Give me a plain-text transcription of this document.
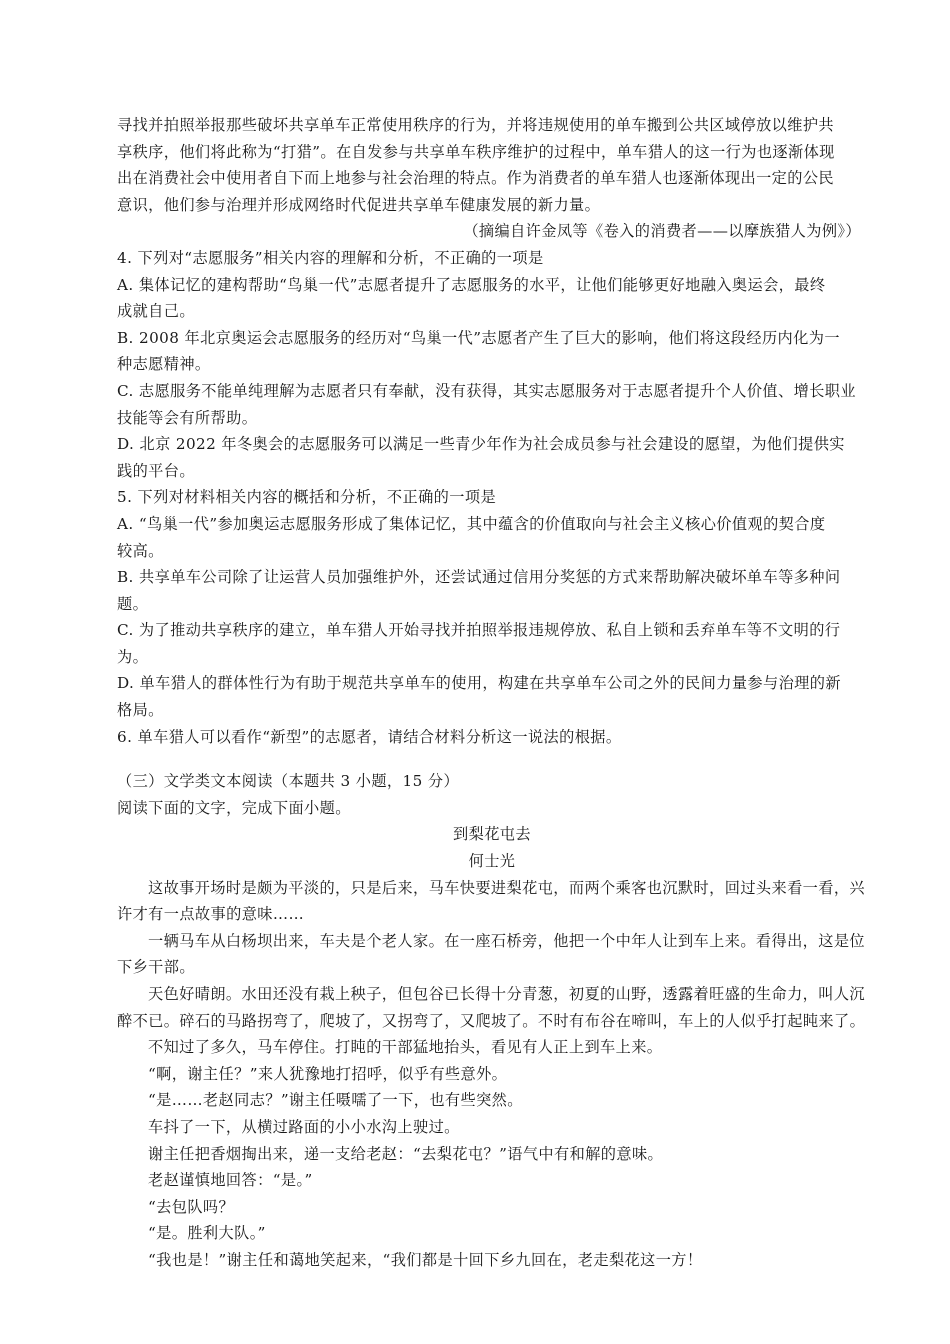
寻找并拍照举报那些破坏共享单车正常使用秩序的行为，并将违规使用的单车搬到公共区域停放以维护共

享秩序，他们将此称为“打猎”。在自发参与共享单车秩序维护的过程中，单车猎人的这一行为也逐渐体现

出在消费社会中使用者自下而上地参与社会治理的特点。作为消费者的单车猎人也逐渐体现出一定的公民

意识，他们参与治理并形成网络时代促进共享单车健康发展的新力量。

（摘编自许金凤等《卷入的消费者——以摩族猎人为例》）

4. 下列对“志愿服务”相关内容的理解和分析，不正确的一项是

A. 集体记忆的建构帮助“鸟巢一代”志愿者提升了志愿服务的水平，让他们能够更好地融入奥运会，最终

成就自己。

B. 2008 年北京奥运会志愿服务的经历对“鸟巢一代”志愿者产生了巨大的影响，他们将这段经历内化为一

种志愿精神。

C. 志愿服务不能单纯理解为志愿者只有奉献，没有获得，其实志愿服务对于志愿者提升个人价值、增长职业

技能等会有所帮助。

D. 北京 2022 年冬奥会的志愿服务可以满足一些青少年作为社会成员参与社会建设的愿望，为他们提供实

践的平台。

5. 下列对材料相关内容的概括和分析，不正确的一项是

A. “鸟巢一代”参加奥运志愿服务形成了集体记忆，其中蕴含的价值取向与社会主义核心价值观的契合度

较高。

B. 共享单车公司除了让运营人员加强维护外，还尝试通过信用分奖惩的方式来帮助解决破坏单车等多种问

题。

C. 为了推动共享秩序的建立，单车猎人开始寻找并拍照举报违规停放、私自上锁和丢弃单车等不文明的行

为。

D. 单车猎人的群体性行为有助于规范共享单车的使用，构建在共享单车公司之外的民间力量参与治理的新

格局。

6. 单车猎人可以看作“新型”的志愿者，请结合材料分析这一说法的根据。

（三）文学类文本阅读（本题共 3 小题，15 分）

阅读下面的文字，完成下面小题。

到梨花屯去

何士光

这故事开场时是颇为平淡的，只是后来，马车快要进梨花屯，而两个乘客也沉默时，回过头来看一看，兴

许才有一点故事的意味……

一辆马车从白杨坝出来，车夫是个老人家。在一座石桥旁，他把一个中年人让到车上来。看得出，这是位

下乡干部。

天色好晴朗。水田还没有栽上秧子，但包谷已长得十分青葱，初夏的山野，透露着旺盛的生命力，叫人沉

醉不已。碎石的马路拐弯了，爬坡了，又拐弯了，又爬坡了。不时有布谷在啼叫，车上的人似乎打起盹来了。

不知过了多久，马车停住。打盹的干部猛地抬头，看见有人正上到车上来。

“啊，谢主任？”来人犹豫地打招呼，似乎有些意外。

“是……老赵同志？”谢主任嗫嚅了一下，也有些突然。

车抖了一下，从横过路面的小小水沟上驶过。

谢主任把香烟掏出来，递一支给老赵：“去梨花屯？”语气中有和解的意味。

老赵谨慎地回答：“是。”

“去包队吗？

“是。胜利大队。”

“我也是！”谢主任和蔼地笑起来，“我们都是十回下乡九回在，老走梨花这一方！
